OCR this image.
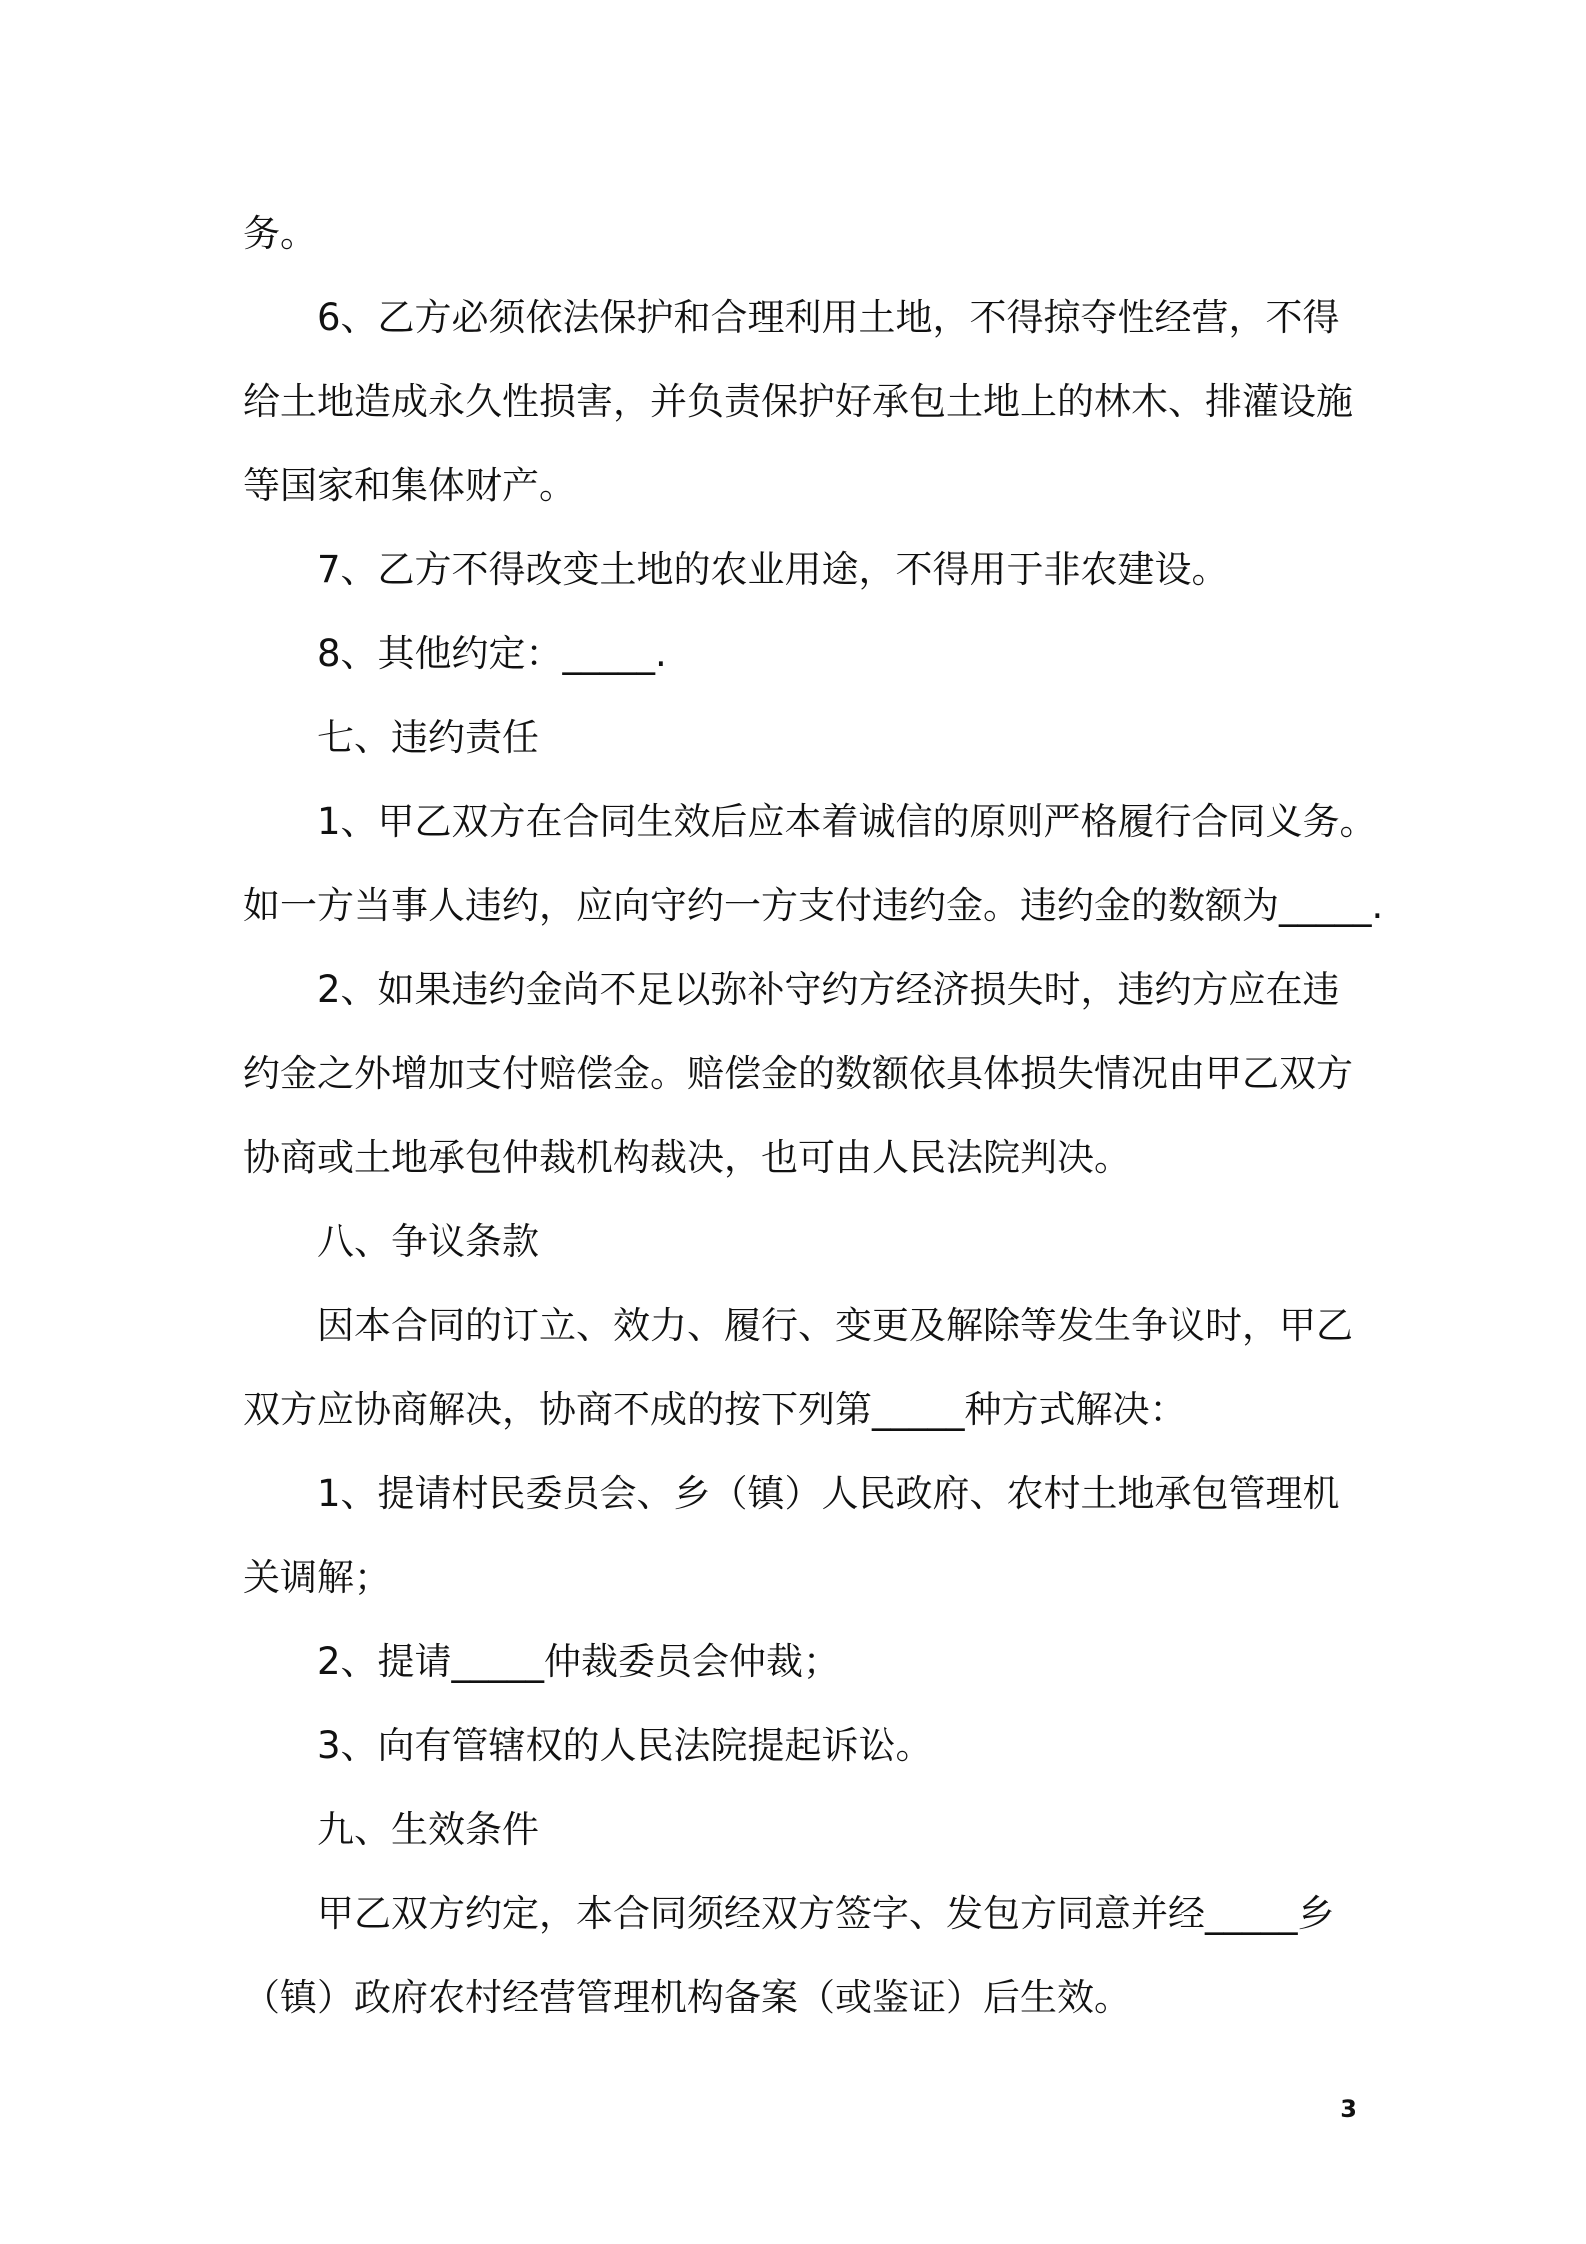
务。
6、乙方必须依法保护和合理利用土地，不得掠夺性经营，不得
给土地造成永久性损害，并负责保护好承包土地上的林木、排灌设施
等国家和集体财产。
7、乙方不得改变土地的农业用途，不得用于非农建设。
8、其他约定：_____.
七、违约责任
1、甲乙双方在合同生效后应本着诚信的原则严格履行合同义务。
如一方当事人违约，应向守约一方支付违约金。违约金的数额为_____.
2、如果违约金尚不足以弥补守约方经济损失时，违约方应在违
约金之外增加支付赔偿金。赔偿金的数额依具体损失情况由甲乙双方
协商或土地承包仲裁机构裁决，也可由人民法院判决。
八、争议条款
因本合同的订立、效力、履行、变更及解除等发生争议时，甲乙
双方应协商解决，协商不成的按下列第_____种方式解决：
1、提请村民委员会、乡（镇）人民政府、农村土地承包管理机
关调解；
2、提请_____仲裁委员会仲裁；
3、向有管辖权的人民法院提起诉讼。
九、生效条件
甲乙双方约定，本合同须经双方签字、发包方同意并经_____乡
（镇）政府农村经营管理机构备案（或鉴证）后生效。
3
